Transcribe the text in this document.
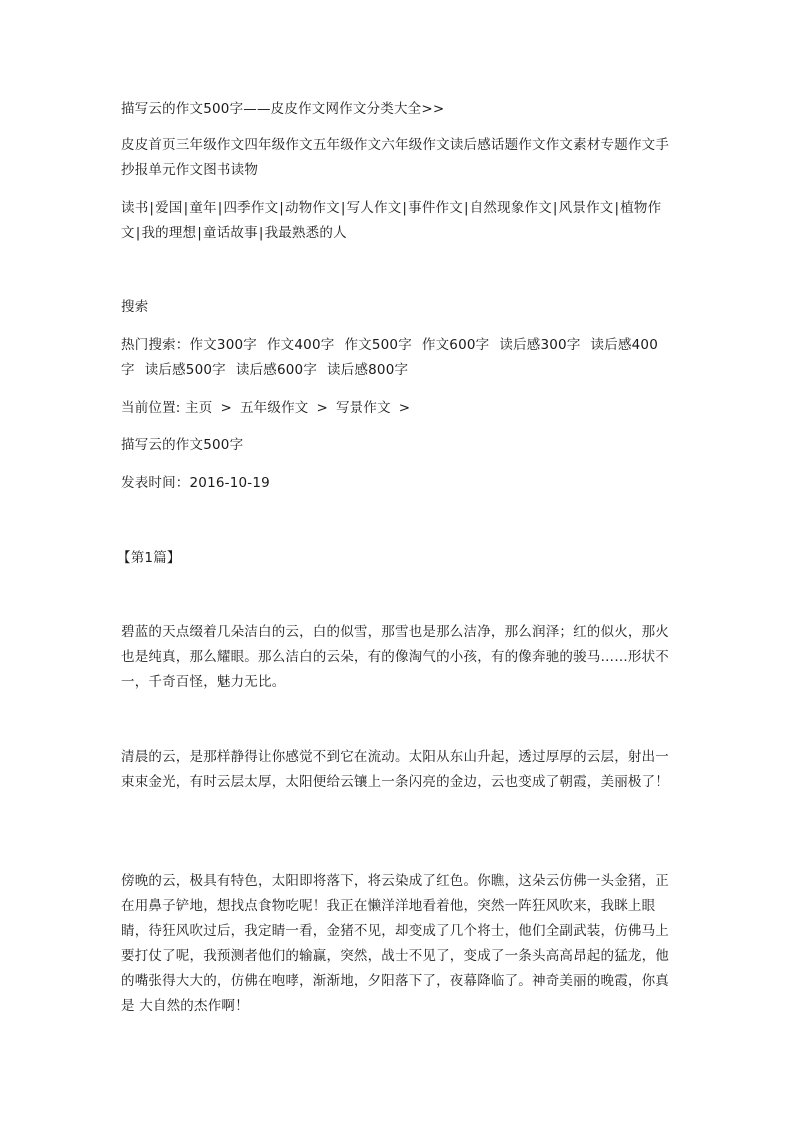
描写云的作文500字——皮皮作文网作文分类大全>>
皮皮首页三年级作文四年级作文五年级作文六年级作文读后感话题作文作文素材专题作文手抄报单元作文图书读物
读书|爱国|童年|四季作文|动物作文|写人作文|事件作文|自然现象作文|风景作文|植物作文|我的理想|童话故事|我最熟悉的人
搜索
热门搜索：作文300字 作文400字 作文500字 作文600字 读后感300字 读后感400字 读后感500字 读后感600字 读后感800字
当前位置: 主页 > 五年级作文 > 写景作文 >
描写云的作文500字
发表时间：2016-10-19
【第1篇】
碧蓝的天点缀着几朵洁白的云，白的似雪，那雪也是那么洁净，那么润泽；红的似火，那火也是纯真，那么耀眼。那么洁白的云朵，有的像淘气的小孩，有的像奔驰的骏马……形状不一，千奇百怪，魅力无比。
清晨的云，是那样静得让你感觉不到它在流动。太阳从东山升起，透过厚厚的云层，射出一束束金光，有时云层太厚，太阳便给云镶上一条闪亮的金边，云也变成了朝霞，美丽极了！
傍晚的云，极具有特色，太阳即将落下，将云染成了红色。你瞧，这朵云仿佛一头金猪，正在用鼻子铲地，想找点食物吃呢！我正在懒洋洋地看着他，突然一阵狂风吹来，我眯上眼睛，待狂风吹过后，我定睛一看，金猪不见，却变成了几个将士，他们全副武装，仿佛马上要打仗了呢，我预测者他们的输赢，突然，战士不见了，变成了一条头高高昂起的猛龙，他的嘴张得大大的，仿佛在咆哮，渐渐地，夕阳落下了，夜幕降临了。神奇美丽的晚霞，你真是 大自然的杰作啊！
